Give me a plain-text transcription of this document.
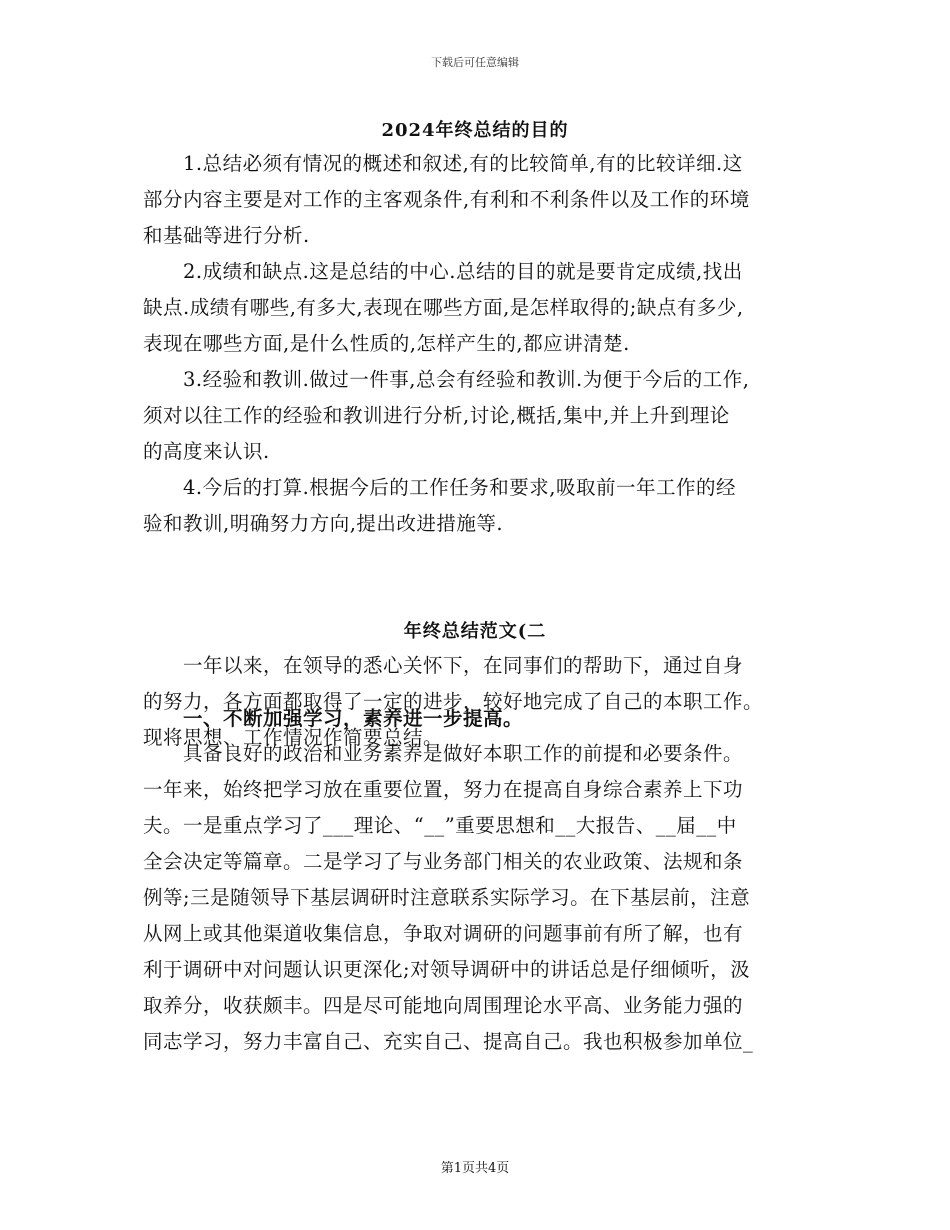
下载后可任意编辑
2024年终总结的目的
1.总结必须有情况的概述和叙述,有的比较简单,有的比较详细.这
部分内容主要是对工作的主客观条件,有利和不利条件以及工作的环境
和基础等进行分析.
2.成绩和缺点.这是总结的中心.总结的目的就是要肯定成绩,找出
缺点.成绩有哪些,有多大,表现在哪些方面,是怎样取得的;缺点有多少,
表现在哪些方面,是什么性质的,怎样产生的,都应讲清楚.
3.经验和教训.做过一件事,总会有经验和教训.为便于今后的工作,
须对以往工作的经验和教训进行分析,讨论,概括,集中,并上升到理论
的高度来认识.
4.今后的打算.根据今后的工作任务和要求,吸取前一年工作的经
验和教训,明确努力方向,提出改进措施等.
年终总结范文(二
一年以来，在领导的悉心关怀下，在同事们的帮助下，通过自身
的努力，各方面都取得了一定的进步，较好地完成了自己的本职工作。
现将思想、工作情况作简要总结。
一、不断加强学习，素养进一步提高。
具备良好的政治和业务素养是做好本职工作的前提和必要条件。
一年来，始终把学习放在重要位置，努力在提高自身综合素养上下功
夫。一是重点学习了___理论、“__”重要思想和__大报告、__届__中
全会决定等篇章。二是学习了与业务部门相关的农业政策、法规和条
例等;三是随领导下基层调研时注意联系实际学习。在下基层前，注意
从网上或其他渠道收集信息，争取对调研的问题事前有所了解，也有
利于调研中对问题认识更深化;对领导调研中的讲话总是仔细倾听，汲
取养分，收获颇丰。四是尽可能地向周围理论水平高、业务能力强的
同志学习，努力丰富自己、充实自己、提高自己。我也积极参加单位_
第1页共4页
